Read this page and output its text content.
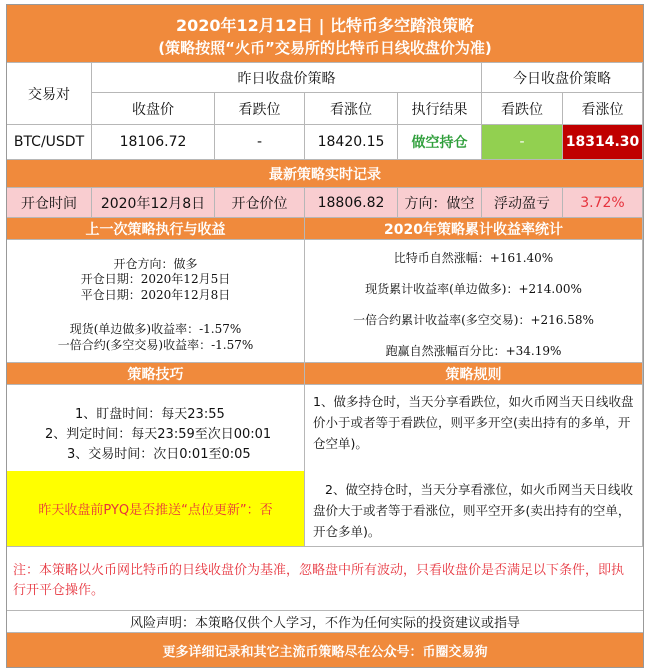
2020年12月12日 | 比特币多空踏浪策略
(策略按照“火币”交易所的比特币日线收盘价为准)
交易对
昨日收盘价策略	今日收盘价策略
收盘价	看跌位	看涨位	执行结果	看跌位	看涨位
BTC/USDT	18106.72	-	18420.15	做空持仓	-	18314.30
最新策略实时记录
开仓时间	2020年12月8日	开仓价位	18806.82	方向：做空	浮动盈亏	3.72%
上一次策略执行与收益	2020年策略累计收益率统计
开仓方向：做多
开仓日期：2020年12月5日
平仓日期：2020年12月8日
现货(单边做多)收益率：-1.57%
一倍合约(多空交易)收益率：-1.57%
比特币自然涨幅：+161.40%
现货累计收益率(单边做多)：+214.00%
一倍合约累计收益率(多空交易)：+216.58%
跑赢自然涨幅百分比：+34.19%
策略技巧	策略规则
1、盯盘时间：每天23:55
2、判定时间：每天23:59至次日00:01
3、交易时间：次日0:01至0:05
昨天收盘前PYQ是否推送“点位更新”：否
1、做多持仓时，当天分享看跌位，如火币网当天日线收盘价小于或者等于看跌位，则平多开空(卖出持有的多单，开仓空单)。
2、做空持仓时，当天分享看涨位，如火币网当天日线收盘价大于或者等于看涨位，则平空开多(卖出持有的空单，开仓多单)。
注：本策略以火币网比特币的日线收盘价为基准，忽略盘中所有波动，只看收盘价是否满足以下条件，即执行开平仓操作。
风险声明：本策略仅供个人学习，不作为任何实际的投资建议或指导
更多详细记录和其它主流币策略尽在公众号：币圈交易狗
